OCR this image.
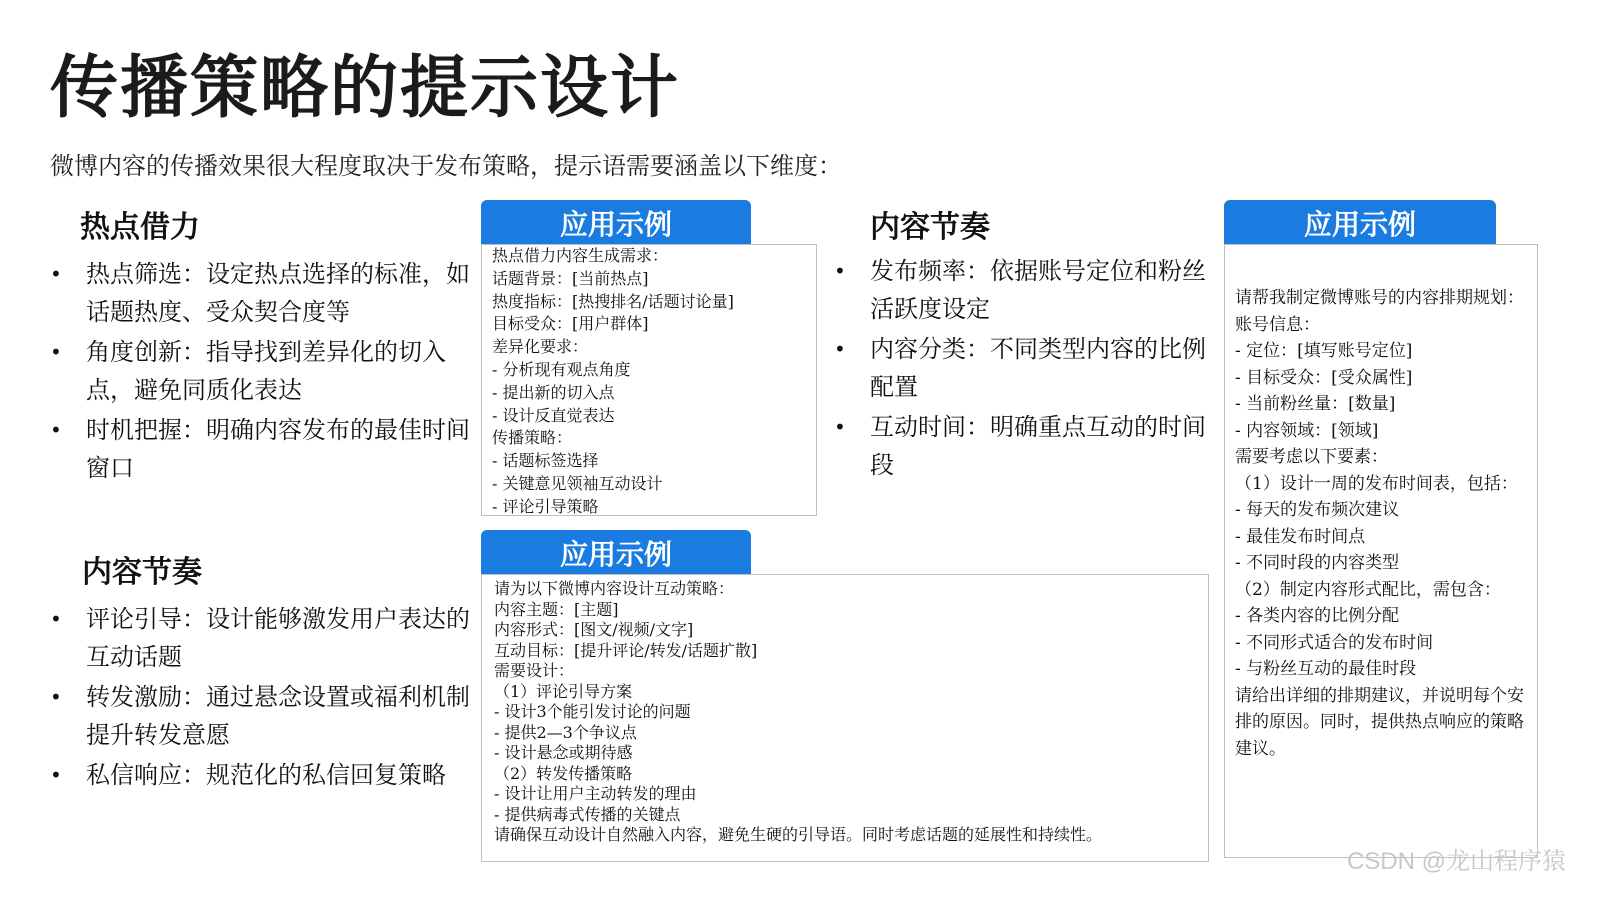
传播策略的提示设计
微博内容的传播效果很大程度取决于发布策略，提示语需要涵盖以下维度：
热点借力
• 热点筛选：设定热点选择的标准，如话题热度、受众契合度等
• 角度创新：指导找到差异化的切入点，避免同质化表达
• 时机把握：明确内容发布的最佳时间窗口
内容节奏
• 评论引导：设计能够激发用户表达的互动话题
• 转发激励：通过悬念设置或福利机制提升转发意愿
• 私信响应：规范化的私信回复策略
内容节奏
• 发布频率：依据账号定位和粉丝活跃度设定
• 内容分类：不同类型内容的比例配置
• 互动时间：明确重点互动的时间段
应用示例
热点借力内容生成需求：
话题背景：[当前热点]
热度指标：[热搜排名/话题讨论量]
目标受众：[用户群体]
差异化要求：
- 分析现有观点角度
- 提出新的切入点
- 设计反直觉表达
传播策略：
- 话题标签选择
- 关键意见领袖互动设计
- 评论引导策略
应用示例
请为以下微博内容设计互动策略：
内容主题：[主题]
内容形式：[图文/视频/文字]
互动目标：[提升评论/转发/话题扩散]
需要设计：
（1）评论引导方案
- 设计3个能引发讨论的问题
- 提供2—3个争议点
- 设计悬念或期待感
（2）转发传播策略
- 设计让用户主动转发的理由
- 提供病毒式传播的关键点
请确保互动设计自然融入内容，避免生硬的引导语。同时考虑话题的延展性和持续性。
应用示例
请帮我制定微博账号的内容排期规划：
账号信息：
- 定位：[填写账号定位]
- 目标受众：[受众属性]
- 当前粉丝量：[数量]
- 内容领域：[领域]
需要考虑以下要素：
（1）设计一周的发布时间表，包括：
- 每天的发布频次建议
- 最佳发布时间点
- 不同时段的内容类型
（2）制定内容形式配比，需包含：
- 各类内容的比例分配
- 不同形式适合的发布时间
- 与粉丝互动的最佳时段
请给出详细的排期建议，并说明每个安排的原因。同时，提供热点响应的策略建议。
CSDN @龙山程序猿
